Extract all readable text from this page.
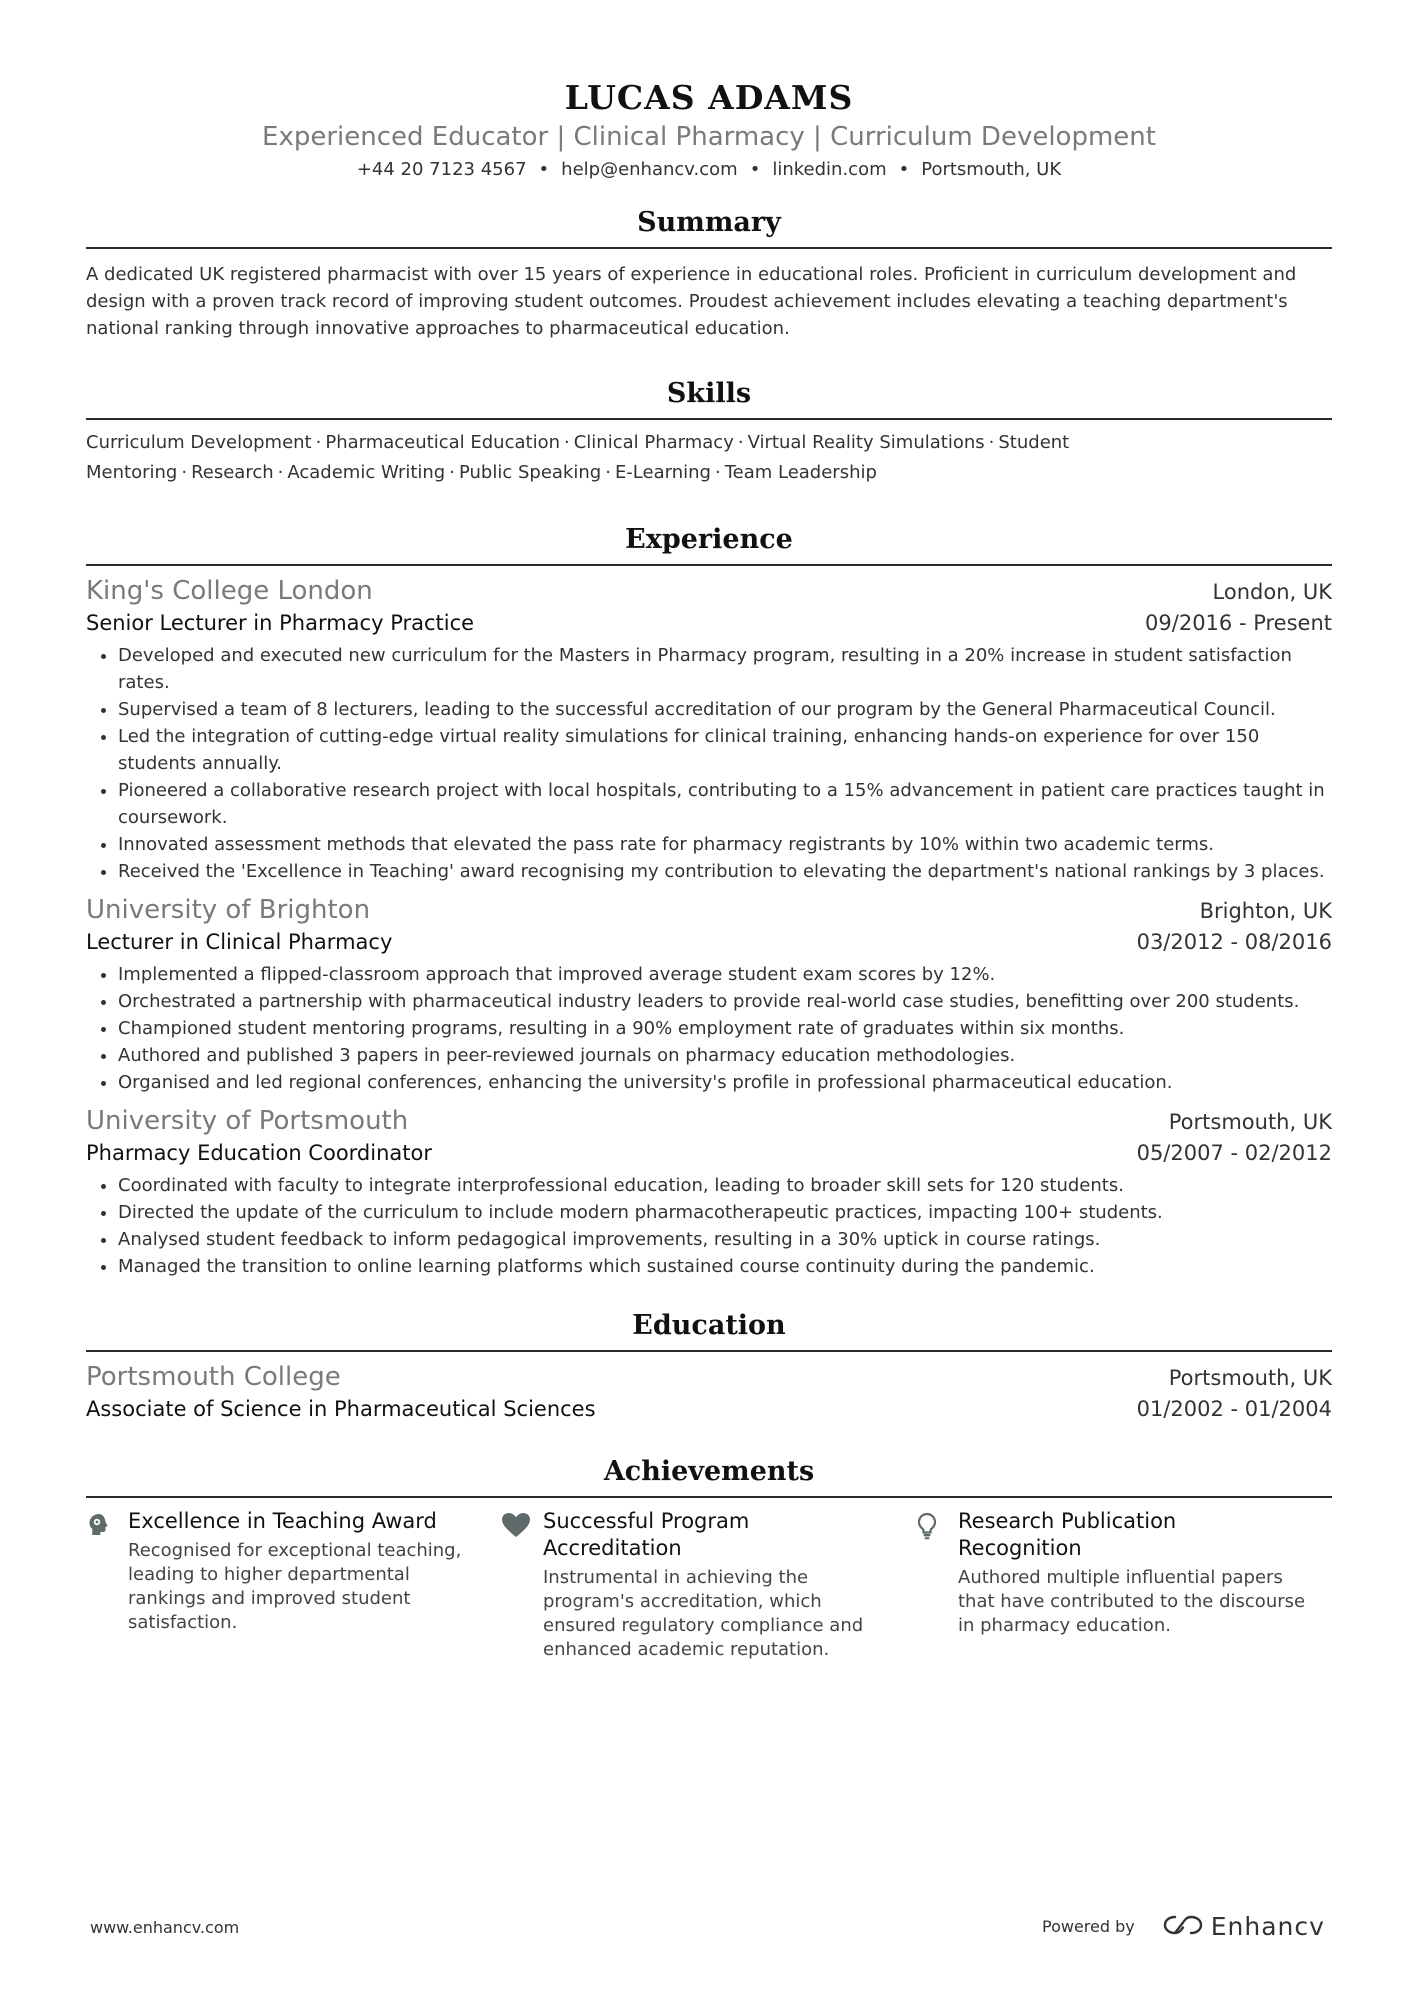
LUCAS ADAMS
Experienced Educator | Clinical Pharmacy | Curriculum Development
+44 20 7123 4567 • help@enhancv.com • linkedin.com • Portsmouth, UK
Summary
A dedicated UK registered pharmacist with over 15 years of experience in educational roles. Proficient in curriculum development and design with a proven track record of improving student outcomes. Proudest achievement includes elevating a teaching department's national ranking through innovative approaches to pharmaceutical education.
Skills
Curriculum Development · Pharmaceutical Education · Clinical Pharmacy · Virtual Reality Simulations · Student Mentoring · Research · Academic Writing · Public Speaking · E-Learning · Team Leadership
Experience
King's College London	London, UK
Senior Lecturer in Pharmacy Practice	09/2016 - Present
• Developed and executed new curriculum for the Masters in Pharmacy program, resulting in a 20% increase in student satisfaction rates.
• Supervised a team of 8 lecturers, leading to the successful accreditation of our program by the General Pharmaceutical Council.
• Led the integration of cutting-edge virtual reality simulations for clinical training, enhancing hands-on experience for over 150 students annually.
• Pioneered a collaborative research project with local hospitals, contributing to a 15% advancement in patient care practices taught in coursework.
• Innovated assessment methods that elevated the pass rate for pharmacy registrants by 10% within two academic terms.
• Received the 'Excellence in Teaching' award recognising my contribution to elevating the department's national rankings by 3 places.
University of Brighton	Brighton, UK
Lecturer in Clinical Pharmacy	03/2012 - 08/2016
• Implemented a flipped-classroom approach that improved average student exam scores by 12%.
• Orchestrated a partnership with pharmaceutical industry leaders to provide real-world case studies, benefitting over 200 students.
• Championed student mentoring programs, resulting in a 90% employment rate of graduates within six months.
• Authored and published 3 papers in peer-reviewed journals on pharmacy education methodologies.
• Organised and led regional conferences, enhancing the university's profile in professional pharmaceutical education.
University of Portsmouth	Portsmouth, UK
Pharmacy Education Coordinator	05/2007 - 02/2012
• Coordinated with faculty to integrate interprofessional education, leading to broader skill sets for 120 students.
• Directed the update of the curriculum to include modern pharmacotherapeutic practices, impacting 100+ students.
• Analysed student feedback to inform pedagogical improvements, resulting in a 30% uptick in course ratings.
• Managed the transition to online learning platforms which sustained course continuity during the pandemic.
Education
Portsmouth College	Portsmouth, UK
Associate of Science in Pharmaceutical Sciences	01/2002 - 01/2004
Achievements
Excellence in Teaching Award
Recognised for exceptional teaching, leading to higher departmental rankings and improved student satisfaction.
Successful Program Accreditation
Instrumental in achieving the program's accreditation, which ensured regulatory compliance and enhanced academic reputation.
Research Publication Recognition
Authored multiple influential papers that have contributed to the discourse in pharmacy education.
www.enhancv.com	Powered by	Enhancv
